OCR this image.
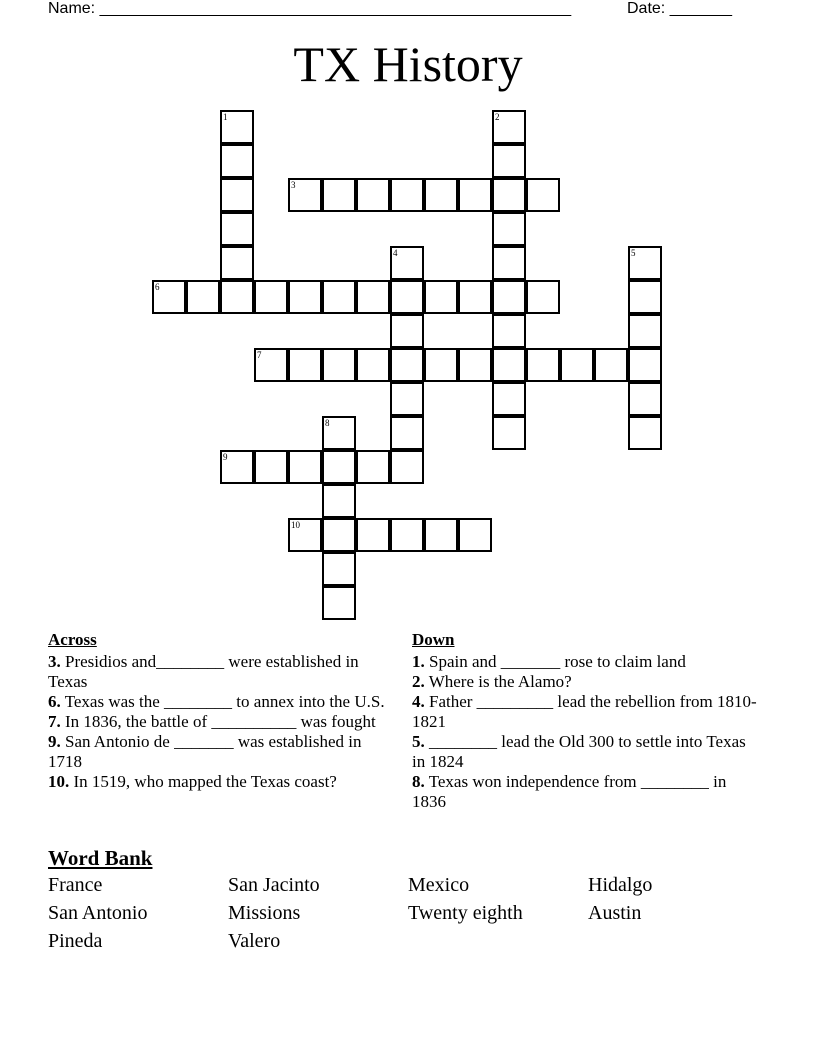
Name: _____________________________________________________	Date: _______
TX History
1	2
3
4	5
6
7
8
9
10
Across
3. Presidios and________ were established in Texas
6. Texas was the ________ to annex into the U.S.
7. In 1836, the battle of __________ was fought
9. San Antonio de _______ was established in 1718
10. In 1519, who mapped the Texas coast?
Down
1. Spain and _______ rose to claim land
2. Where is the Alamo?
4. Father _________ lead the rebellion from 1810-1821
5. ________ lead the Old 300 to settle into Texas in 1824
8. Texas won independence from ________ in 1836
Word Bank
France	San Jacinto	Mexico	Hidalgo
San Antonio	Missions	Twenty eighth	Austin
Pineda	Valero
